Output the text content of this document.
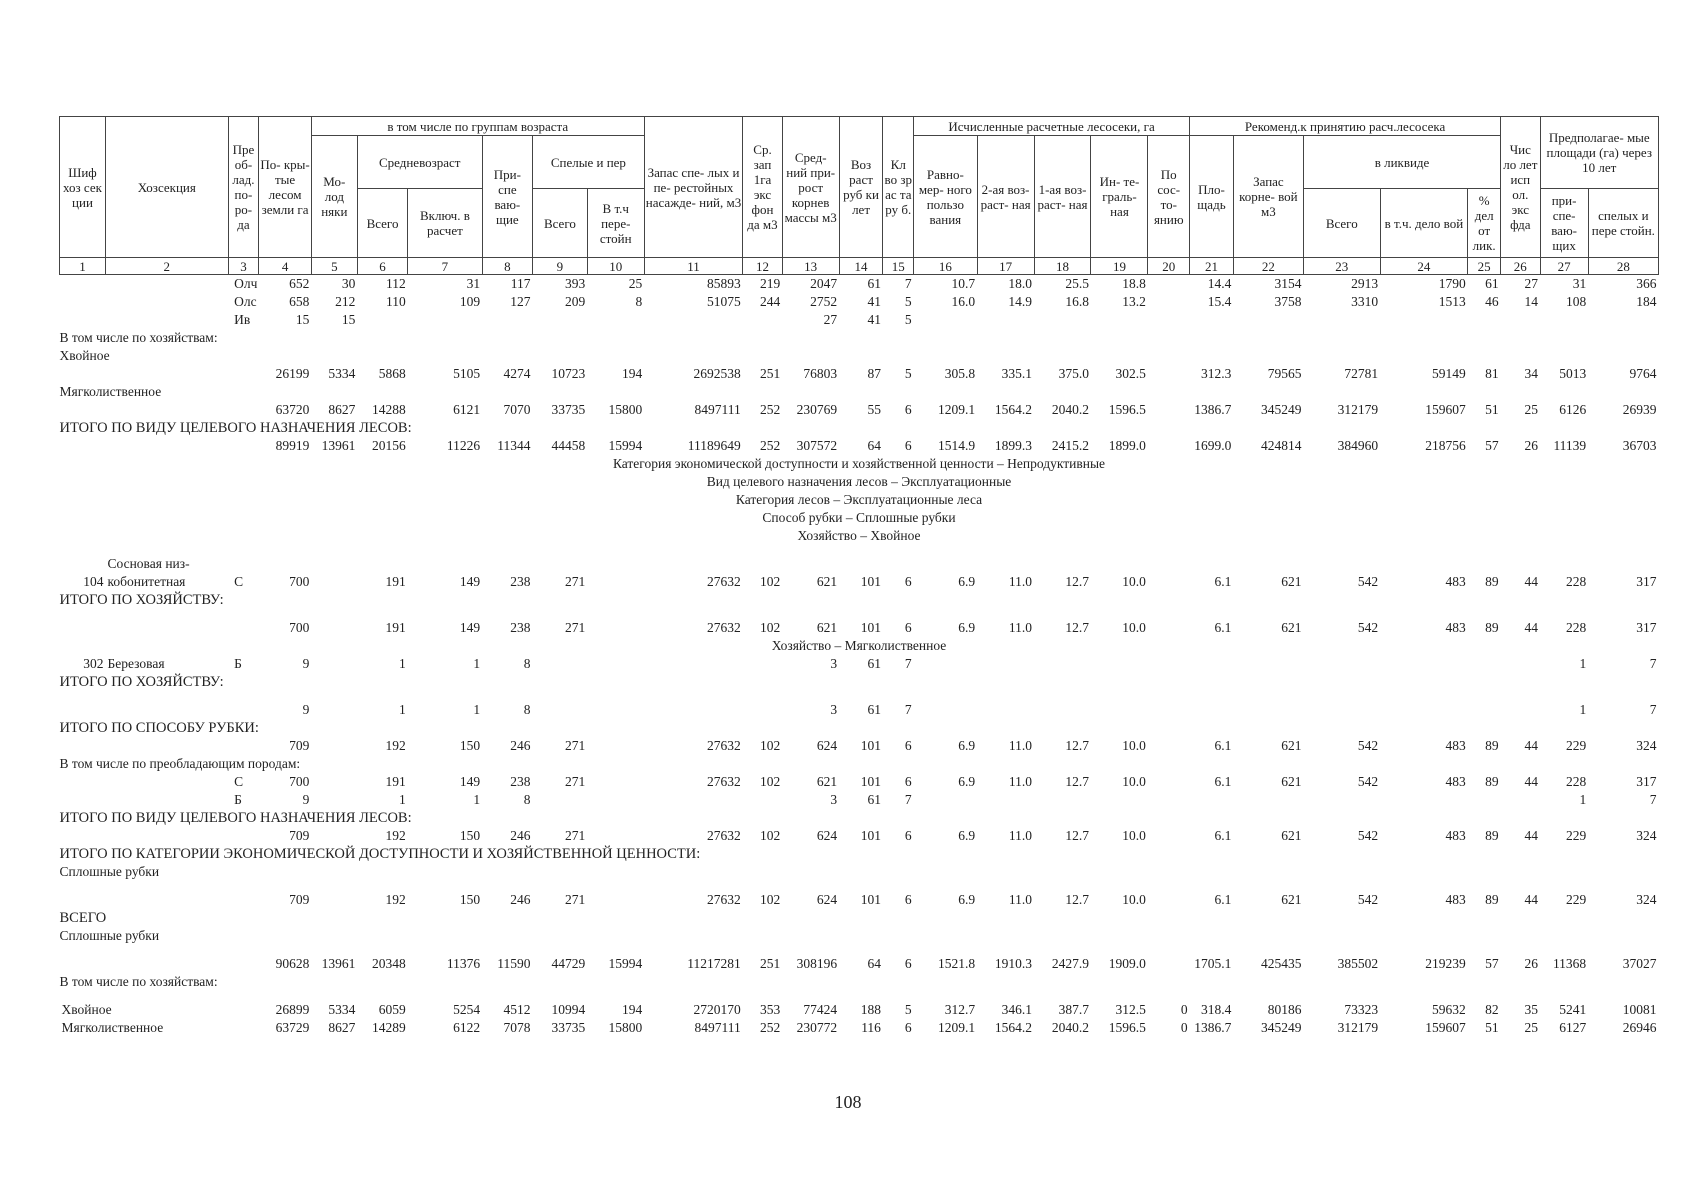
Шиф хоз сек ции	Хозсекция	Пре об- лад. по- ро- да	По- кры- тые лесом земли га	в том числе по группам возраста						Запас спе- лых и пе- рестойных насажде- ний, м3	Ср. зап 1га экс фон да м3	Сред- ний при- рост корнев массы м3	Воз раст руб ки лет	Кл во зр ас та ру б.	Исчисленные расчетные лесосеки, га					Рекоменд.к принятию расч.лесосека					Чис ло лет исп ол. экс фда	Предполагае- мые площади (га) через 10 лет	
				Мо- лод няки	Средневозраст		При- спе ваю- щие	Спелые и пер							Равно- мер- ного пользо вания	2-ая воз- раст- ная	1-ая воз- раст- ная	Ин- те- граль- ная	По сос- то- янию	Пло- щадь	Запас корне- вой м3	в ликвиде					
					Всего	Включ. в расчет		Всего	В т.ч пере- стойн													Всего	в т.ч. дело вой	% дел от лик.		при- спе- ваю- щих	спелых и пере стойн.
1	2	3	4	5	6	7	8	9	10	11	12	13	14	15	16	17	18	19	20	21	22	23	24	25	26	27	28
		Олч	652	30	112	31	117	393	25	85893	219	2047	61	7	10.7	18.0	25.5	18.8		14.4	3154	2913	1790	61	27	31	366
		Олс	658	212	110	109	127	209	8	51075	244	2752	41	5	16.0	14.9	16.8	13.2		15.4	3758	3310	1513	46	14	108	184
		Ив	15	15								27	41	5													
В том числе по хозяйствам:																											
Хвойное																											
			26199	5334	5868	5105	4274	10723	194	2692538	251	76803	87	5	305.8	335.1	375.0	302.5		312.3	79565	72781	59149	81	34	5013	9764
Мягколиственное																											
			63720	8627	14288	6121	7070	33735	15800	8497111	252	230769	55	6	1209.1	1564.2	2040.2	1596.5		1386.7	345249	312179	159607	51	25	6126	26939
ИТОГО ПО ВИДУ ЦЕЛЕВОГО НАЗНАЧЕНИЯ ЛЕСОВ:																											
			89919	13961	20156	11226	11344	44458	15994	11189649	252	307572	64	6	1514.9	1899.3	2415.2	1899.0		1699.0	424814	384960	218756	57	26	11139	36703
Категория экономической доступности и хозяйственной ценности – Непродуктивные																											
Вид целевого назначения лесов – Эксплуатационные																											
Категория лесов – Эксплуатационные леса																											
Способ рубки – Сплошные рубки																											
Хозяйство – Хвойное																											

	Сосновая низ-																										
104	кобонитетная	С	700		191	149	238	271		27632	102	621	101	6	6.9	11.0	12.7	10.0		6.1	621	542	483	89	44	228	317
ИТОГО ПО ХОЗЯЙСТВУ:																											

			700		191	149	238	271		27632	102	621	101	6	6.9	11.0	12.7	10.0		6.1	621	542	483	89	44	228	317
Хозяйство – Мягколиственное																											
302	Березовая	Б	9		1	1	8					3	61	7												1	7
ИТОГО ПО ХОЗЯЙСТВУ:																											

			9		1	1	8					3	61	7												1	7
ИТОГО ПО СПОСОБУ РУБКИ:																											
			709		192	150	246	271		27632	102	624	101	6	6.9	11.0	12.7	10.0		6.1	621	542	483	89	44	229	324
В том числе по преобладающим породам:																											
		С	700		191	149	238	271		27632	102	621	101	6	6.9	11.0	12.7	10.0		6.1	621	542	483	89	44	228	317
		Б	9		1	1	8					3	61	7												1	7
ИТОГО ПО ВИДУ ЦЕЛЕВОГО НАЗНАЧЕНИЯ ЛЕСОВ:																											
			709		192	150	246	271		27632	102	624	101	6	6.9	11.0	12.7	10.0		6.1	621	542	483	89	44	229	324
ИТОГО ПО КАТЕГОРИИ ЭКОНОМИЧЕСКОЙ ДОСТУПНОСТИ И ХОЗЯЙСТВЕННОЙ ЦЕННОСТИ:																											
Сплошные рубки																											

			709		192	150	246	271		27632	102	624	101	6	6.9	11.0	12.7	10.0		6.1	621	542	483	89	44	229	324
ВСЕГО																											
Сплошные рубки																											

			90628	13961	20348	11376	11590	44729	15994	11217281	251	308196	64	6	1521.8	1910.3	2427.9	1909.0		1705.1	425435	385502	219239	57	26	11368	37027
В том числе по хозяйствам:																											

Хвойное			26899	5334	6059	5254	4512	10994	194	2720170	353	77424	188	5	312.7	346.1	387.7	312.5	0	318.4	80186	73323	59632	82	35	5241	10081
Мягколиственное			63729	8627	14289	6122	7078	33735	15800	8497111	252	230772	116	6	1209.1	1564.2	2040.2	1596.5	0	1386.7	345249	312179	159607	51	25	6127	26946
108
